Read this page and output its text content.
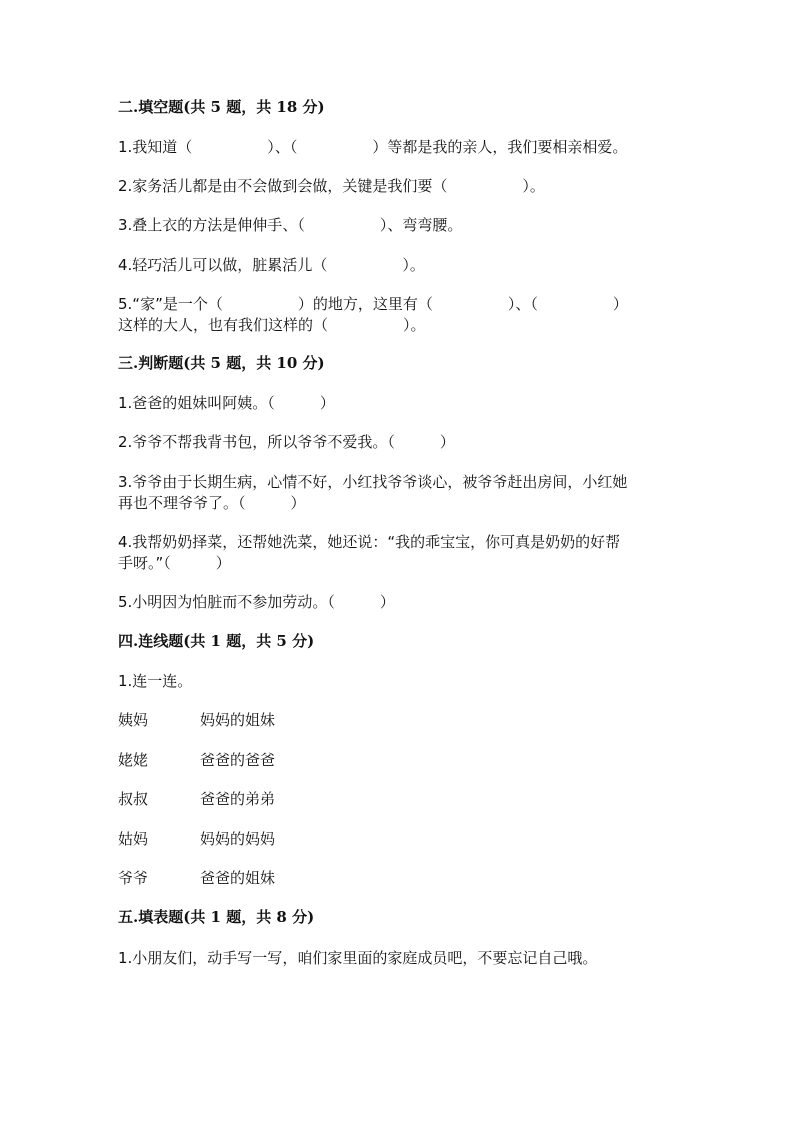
二.填空题(共 5 题，共 18 分)
1.我知道（　　　　　）、（　　　　　）等都是我的亲人，我们要相亲相爱。
2.家务活儿都是由不会做到会做，关键是我们要（　　　　　）。
3.叠上衣的方法是伸伸手、（　　　　　）、弯弯腰。
4.轻巧活儿可以做，脏累活儿（　　　　　）。
5.“家”是一个（　　　　　）的地方，这里有（　　　　　）、（　　　　　）
这样的大人，也有我们这样的（　　　　　）。
三.判断题(共 5 题，共 10 分)
1.爸爸的姐妹叫阿姨。（　　　）
2.爷爷不帮我背书包，所以爷爷不爱我。（　　　）
3.爷爷由于长期生病，心情不好，小红找爷爷谈心，被爷爷赶出房间，小红她
再也不理爷爷了。（　　　）
4.我帮奶奶择菜，还帮她洗菜，她还说：“我的乖宝宝，你可真是奶奶的好帮
手呀。”（　　　）
5.小明因为怕脏而不参加劳动。（　　　）
四.连线题(共 1 题，共 5 分)
1.连一连。
姨妈	妈妈的姐妹
姥姥	爸爸的爸爸
叔叔	爸爸的弟弟
姑妈	妈妈的妈妈
爷爷	爸爸的姐妹
五.填表题(共 1 题，共 8 分)
1.小朋友们，动手写一写，咱们家里面的家庭成员吧，不要忘记自己哦。
